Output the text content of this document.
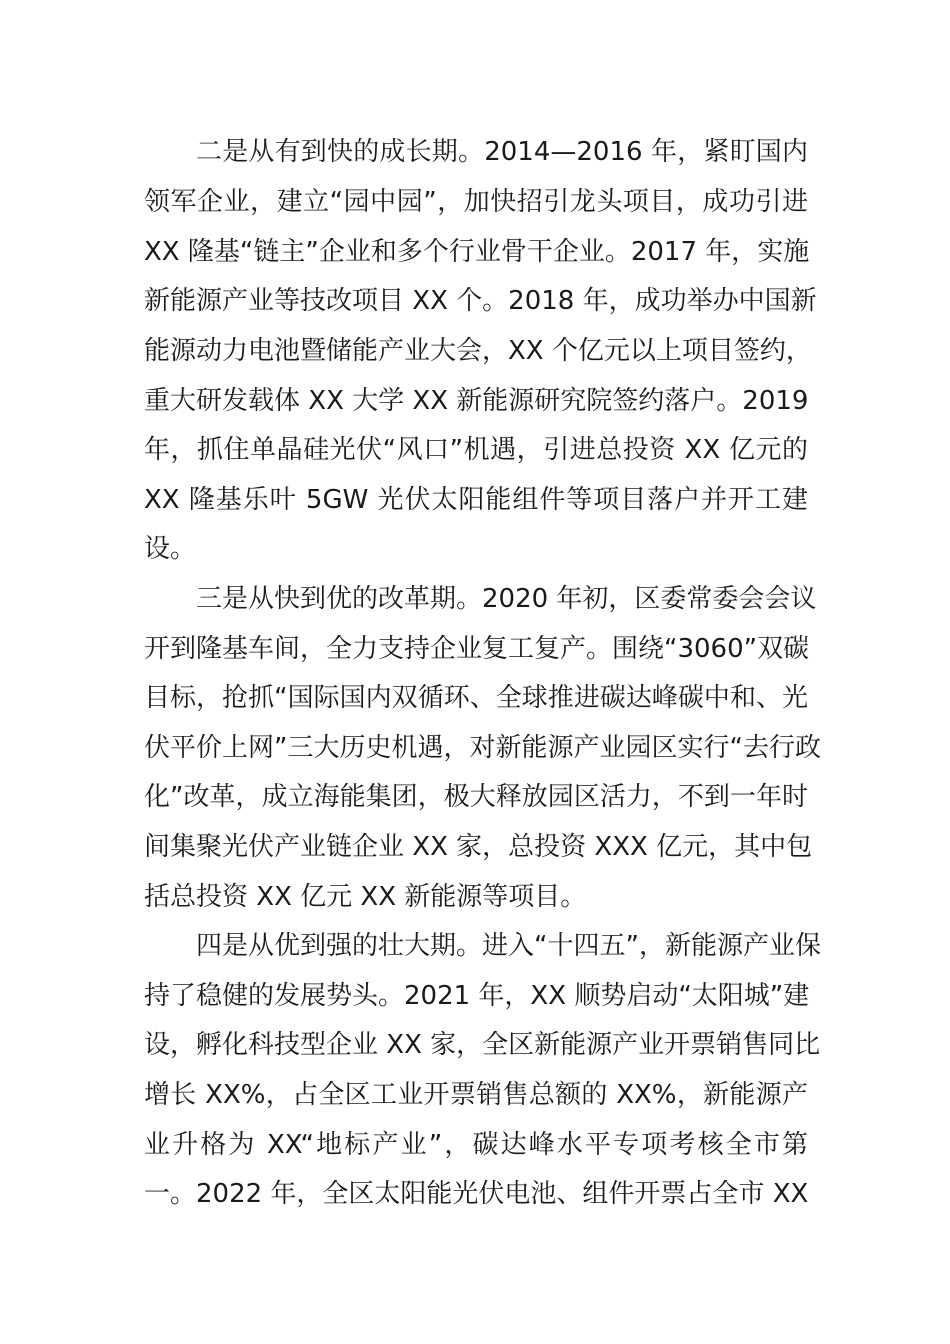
二是从有到快的成长期。2014—2016 年，紧盯国内
领军企业，建立“园中园”，加快招引龙头项目，成功引进
XX 隆基“链主”企业和多个行业骨干企业。2017 年，实施
新能源产业等技改项目 XX 个。2018 年，成功举办中国新
能源动力电池暨储能产业大会，XX 个亿元以上项目签约，
重大研发载体 XX 大学 XX 新能源研究院签约落户。2019
年，抓住单晶硅光伏“风口”机遇，引进总投资 XX 亿元的
XX 隆基乐叶 5GW 光伏太阳能组件等项目落户并开工建
设。
三是从快到优的改革期。2020 年初，区委常委会会议
开到隆基车间，全力支持企业复工复产。围绕“3060”双碳
目标，抢抓“国际国内双循环、全球推进碳达峰碳中和、光
伏平价上网”三大历史机遇，对新能源产业园区实行“去行政
化”改革，成立海能集团，极大释放园区活力，不到一年时
间集聚光伏产业链企业 XX 家，总投资 XXX 亿元，其中包
括总投资 XX 亿元 XX 新能源等项目。
四是从优到强的壮大期。进入“十四五”，新能源产业保
持了稳健的发展势头。2021 年，XX 顺势启动“太阳城”建
设，孵化科技型企业 XX 家，全区新能源产业开票销售同比
增长 XX%，占全区工业开票销售总额的 XX%，新能源产
业升格为 XX“地标产业”，碳达峰水平专项考核全市第
一。2022 年，全区太阳能光伏电池、组件开票占全市 XX
